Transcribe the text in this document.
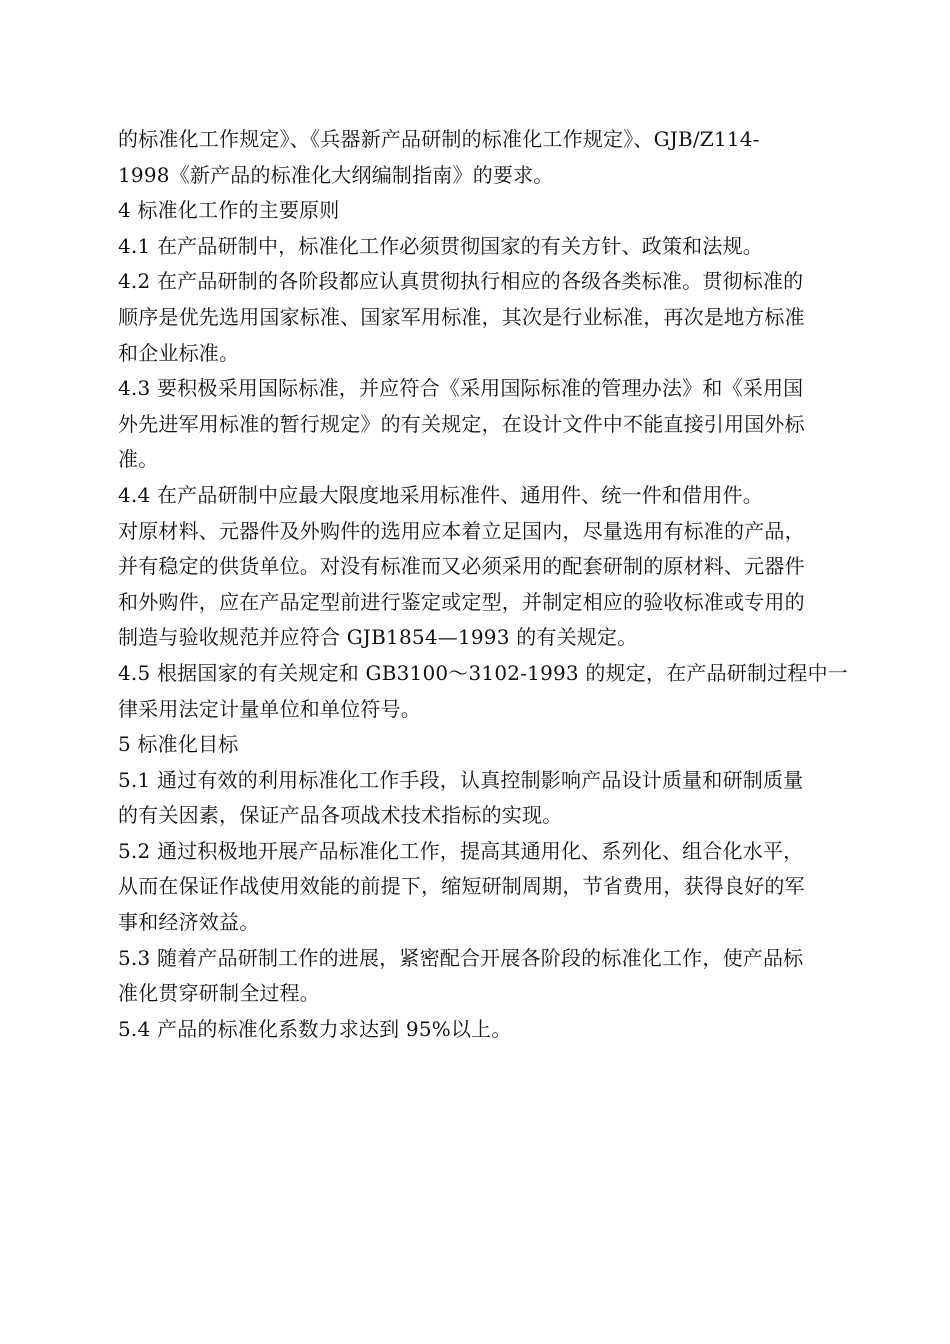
的标准化工作规定》、《兵器新产品研制的标准化工作规定》、GJB/Z114-
1998《新产品的标准化大纲编制指南》的要求。
4 标准化工作的主要原则
4.1 在产品研制中，标准化工作必须贯彻国家的有关方针、政策和法规。
4.2 在产品研制的各阶段都应认真贯彻执行相应的各级各类标准。贯彻标准的
顺序是优先选用国家标准、国家军用标准，其次是行业标准，再次是地方标准
和企业标准。
4.3 要积极采用国际标准，并应符合《采用国际标准的管理办法》和《采用国
外先进军用标准的暂行规定》的有关规定，在设计文件中不能直接引用国外标
准。
4.4 在产品研制中应最大限度地采用标准件、通用件、统一件和借用件。
对原材料、元器件及外购件的选用应本着立足国内，尽量选用有标准的产品，
并有稳定的供货单位。对没有标准而又必须采用的配套研制的原材料、元器件
和外购件，应在产品定型前进行鉴定或定型，并制定相应的验收标准或专用的
制造与验收规范并应符合 GJB1854—1993 的有关规定。
4.5 根据国家的有关规定和 GB3100～3102-1993 的规定，在产品研制过程中一
律采用法定计量单位和单位符号。
5 标准化目标
5.1 通过有效的利用标准化工作手段，认真控制影响产品设计质量和研制质量
的有关因素，保证产品各项战术技术指标的实现。
5.2 通过积极地开展产品标准化工作，提高其通用化、系列化、组合化水平，
从而在保证作战使用效能的前提下，缩短研制周期，节省费用，获得良好的军
事和经济效益。
5.3 随着产品研制工作的进展，紧密配合开展各阶段的标准化工作，使产品标
准化贯穿研制全过程。
5.4 产品的标准化系数力求达到 95%以上。
